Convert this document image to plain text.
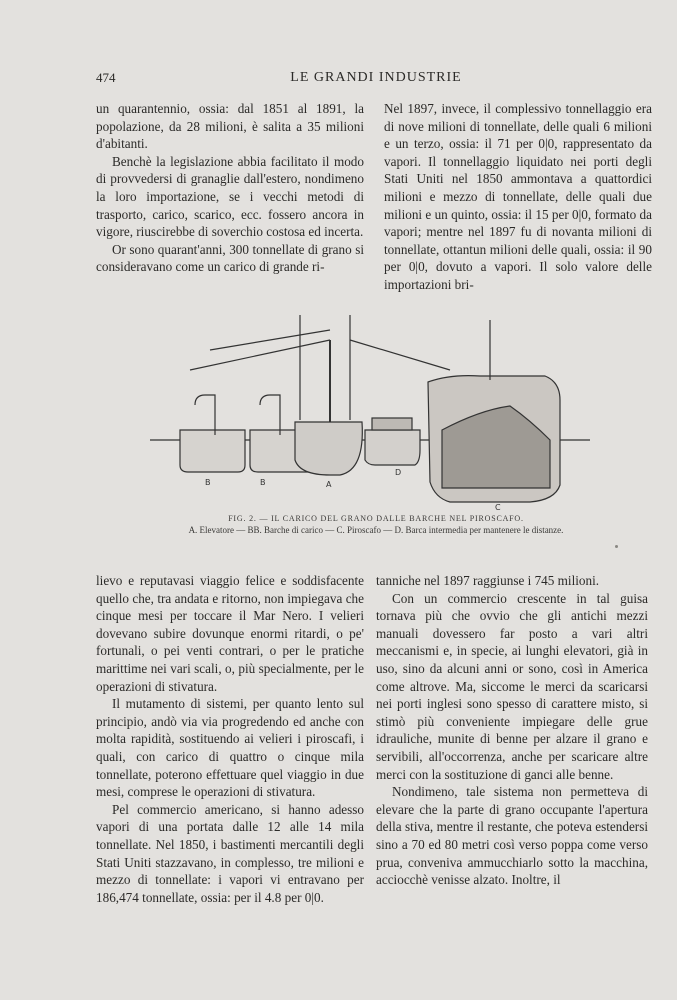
474	LE GRANDI INDUSTRIE

un quarantennio, ossia: dal 1851 al 1891, la popolazione, da 28 milioni, è salita a 35 milioni d'abitanti.

Benchè la legislazione abbia facilitato il modo di provvedersi di granaglie dall'estero, nondimeno la loro importazione, se i vecchi metodi di trasporto, carico, scarico, ecc. fossero ancora in vigore, riuscirebbe di soverchio costosa ed incerta.

Or sono quarant'anni, 300 tonnellate di grano si consideravano come un carico di grande ri-

Nel 1897, invece, il complessivo tonnellaggio era di nove milioni di tonnellate, delle quali 6 milioni e un terzo, ossia: il 71 per 0|0, rappresentato da vapori. Il tonnellaggio liquidato nei porti degli Stati Uniti nel 1850 ammontava a quattordici milioni e mezzo di tonnellate, delle quali due milioni e un quinto, ossia: il 15 per 0|0, formato da vapori; mentre nel 1897 fu di novanta milioni di tonnellate, ottantun milioni delle quali, ossia: il 90 per 0|0, dovuto a vapori. Il solo valore delle importazioni bri-

B	B	A
D
C
FIG. 2. — IL CARICO DEL GRANO DALLE BARCHE NEL PIROSCAFO.
A. Elevatore — BB. Barche di carico — C. Piroscafo — D. Barca intermedia per mantenere le distanze.

lievo e reputavasi viaggio felice e soddisfacente quello che, tra andata e ritorno, non impiegava che cinque mesi per toccare il Mar Nero. I velieri dovevano subire dovunque enormi ritardi, o pe' fortunali, o pei venti contrari, o per le pratiche marittime nei vari scali, o, più specialmente, per le operazioni di stivatura.

Il mutamento di sistemi, per quanto lento sul principio, andò via via progredendo ed anche con molta rapidità, sostituendo ai velieri i piroscafi, i quali, con carico di quattro o cinque mila tonnellate, poterono effettuare quel viaggio in due mesi, comprese le operazioni di stivatura.

Pel commercio americano, si hanno adesso vapori di una portata dalle 12 alle 14 mila tonnellate. Nel 1850, i bastimenti mercantili degli Stati Uniti stazzavano, in complesso, tre milioni e mezzo di tonnellate: i vapori vi entravano per 186,474 tonnellate, ossia: per il 4.8 per 0|0.

tanniche nel 1897 raggiunse i 745 milioni.

Con un commercio crescente in tal guisa tornava più che ovvio che gli antichi mezzi manuali dovessero far posto a vari altri meccanismi e, in specie, ai lunghi elevatori, già in uso, sino da alcuni anni or sono, così in America come altrove. Ma, siccome le merci da scaricarsi nei porti inglesi sono spesso di carattere misto, si stimò più conveniente impiegare delle grue idrauliche, munite di benne per alzare il grano e servibili, all'occorrenza, anche per scaricare altre merci con la sostituzione di ganci alle benne.

Nondimeno, tale sistema non permetteva di elevare che la parte di grano occupante l'apertura della stiva, mentre il restante, che poteva estendersi sino a 70 ed 80 metri così verso poppa come verso prua, conveniva ammucchiarlo sotto la macchina, acciocchè venisse alzato. Inoltre, il
